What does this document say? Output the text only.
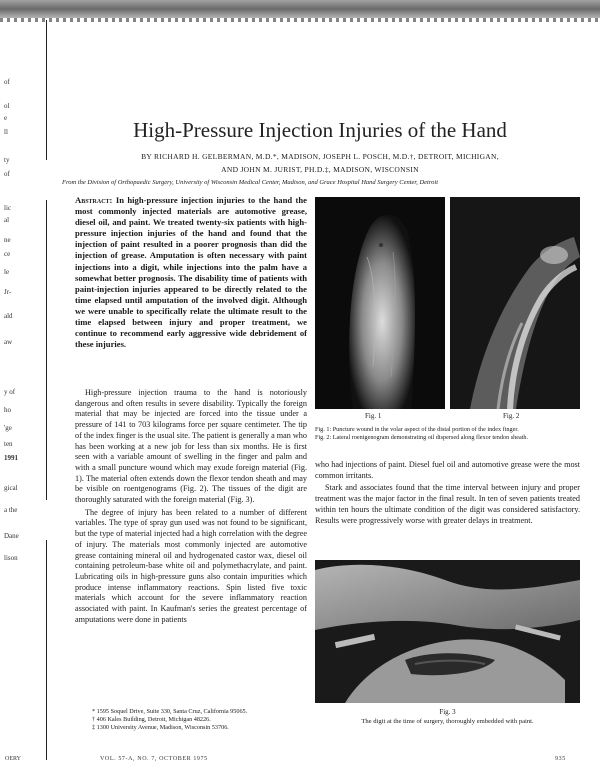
of
ol
e
ll
ty
of
lic
al
ne
ce
le
Jr-
ald
aw
y of
ho
'ge
ten
1991
gical
a the
Dane
lison
OERY
High-Pressure Injection Injuries of the Hand
BY RICHARD H. GELBERMAN, M.D.*, MADISON, JOSEPH L. POSCH, M.D.†, DETROIT, MICHIGAN,
AND JOHN M. JURIST, PH.D.‡, MADISON, WISCONSIN
From the Division of Orthopaedic Surgery, University of Wisconsin Medical Center, Madison, and Grace Hospital Hand Surgery Center, Detroit
Abstract: In high-pressure injection injuries to the hand the most commonly injected materials are automotive grease, diesel oil, and paint. We treated twenty-six patients with high-pressure injection injuries of the hand and found that the injection of paint resulted in a poorer prognosis than did the injection of grease. Amputation is often necessary with paint injections into a digit, while injections into the palm have a somewhat better prognosis. The disability time of patients with paint-injection injuries appeared to be directly related to the time elapsed until amputation of the involved digit. Although we were unable to specifically relate the ultimate result to the time elapsed between injury and proper treatment, we continue to recommend early aggressive wide debridement of these injuries.

High-pressure injection trauma to the hand is notoriously dangerous and often results in severe disability. Typically the foreign material that may be injected are forced into the tissue under a pressure of 141 to 703 kilograms force per square centimeter. The tip of the index finger is the usual site. The patient is generally a man who has been working at a new job for less than six months. He is first seen with a variable amount of swelling in the finger and palm and with a small puncture wound which may exude foreign material (Fig. 1). The material often extends down the flexor tendon sheath and may be visible on roentgenograms (Fig. 2). The tissues of the digit are thoroughly saturated with the foreign material (Fig. 3).

The degree of injury has been related to a number of different variables. The type of spray gun used was not found to be significant, but the type of material injected had a high correlation with the degree of injury. The materials most commonly injected are automotive grease containing mineral oil and hydrogenated castor wax, diesel oil containing petroleum-base white oil and polymethacrylate, and paint. Lubricating oils in high-pressure guns also contain impurities which produce intense inflammatory reactions. Spin listed five toxic materials which account for the severe inflammatory reaction associated with paint. In Kaufman's series the greatest percentage of amputations were done in patients

* 1595 Soquel Drive, Suite 330, Santa Cruz, California 95065.
† 406 Kales Building, Detroit, Michigan 48226.
‡ 1300 University Avenue, Madison, Wisconsin 53706.
Fig. 1	Fig. 2
Fig. 1: Puncture wound in the volar aspect of the distal portion of the index finger.
Fig. 2: Lateral roentgenogram demonstrating oil dispersed along flexor tendon sheath.

who had injections of paint. Diesel fuel oil and automotive grease were the most common irritants.

Stark and associates found that the time interval between injury and proper treatment was the major factor in the final result. In ten of seven patients treated within ten hours the ultimate condition of the digit was considered satisfactory. Results were progressively worse with greater delays in treatment.

Fig. 3
The digit at the time of surgery, thoroughly embedded with paint.
VOL. 57-A, NO. 7, OCTOBER 1975	935
